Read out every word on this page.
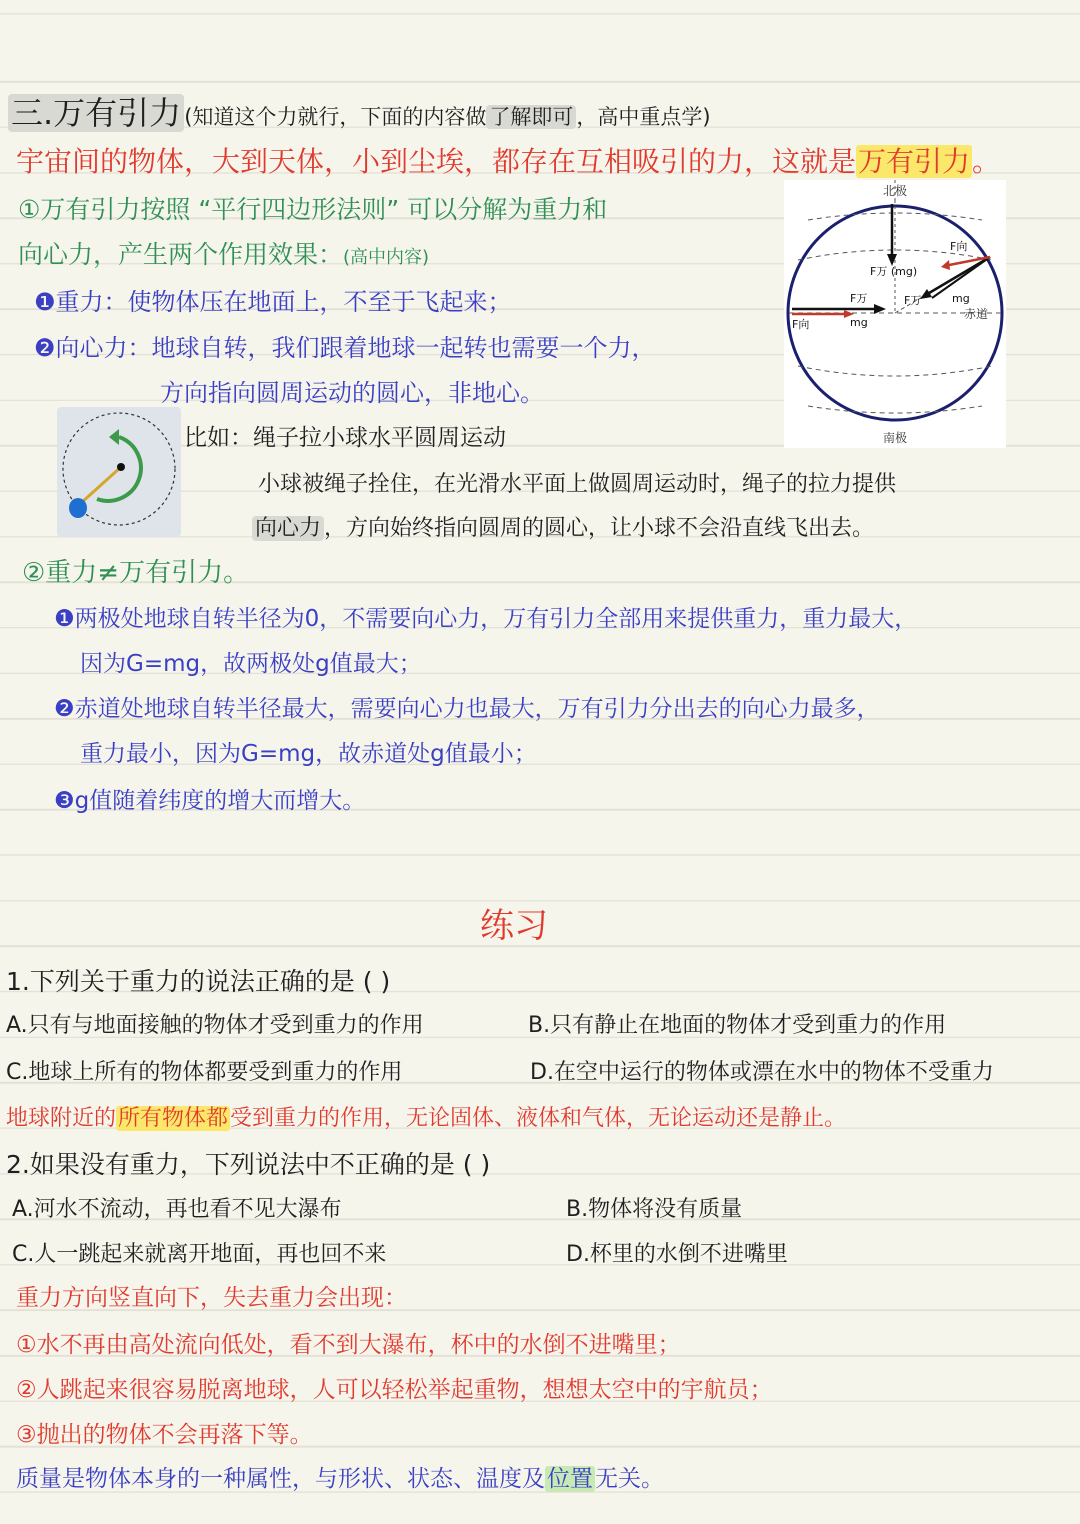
三.万有引力 (知道这个力就行，下面的内容做 了解即可 ，高中重点学)
宇宙间的物体，大到天体，小到尘埃，都存在互相吸引的力，这就是万有引力。
①万有引力按照 “平行四边形法则” 可以分解为重力和
向心力，产生两个作用效果：(高中内容)
❶重力：使物体压在地面上，不至于飞起来；
❷向心力：地球自转，我们跟着地球一起转也需要一个力，
方向指向圆周运动的圆心，非地心。
北极
南极
赤道
F万 (mg)
F向
F万	mg
F万
mg
F向
比如：绳子拉小球水平圆周运动
小球被绳子拴住，在光滑水平面上做圆周运动时，绳子的拉力提供
向心力 ，方向始终指向圆周的圆心，让小球不会沿直线飞出去。
②重力≠万有引力。
❶两极处地球自转半径为0，不需要向心力，万有引力全部用来提供重力，重力最大，
因为G=mg，故两极处g值最大；
❷赤道处地球自转半径最大，需要向心力也最大，万有引力分出去的向心力最多，
重力最小，因为G=mg，故赤道处g值最小；
❸g值随着纬度的增大而增大。
练习
1.下列关于重力的说法正确的是 ( )
A.只有与地面接触的物体才受到重力的作用	B.只有静止在地面的物体才受到重力的作用
C.地球上所有的物体都要受到重力的作用	D.在空中运行的物体或漂在水中的物体不受重力
地球附近的所有物体都受到重力的作用，无论固体、液体和气体，无论运动还是静止。
2.如果没有重力，下列说法中不正确的是 ( )
A.河水不流动，再也看不见大瀑布	B.物体将没有质量
C.人一跳起来就离开地面，再也回不来	D.杯里的水倒不进嘴里
重力方向竖直向下，失去重力会出现：
①水不再由高处流向低处，看不到大瀑布，杯中的水倒不进嘴里；
②人跳起来很容易脱离地球，人可以轻松举起重物，想想太空中的宇航员；
③抛出的物体不会再落下等。
质量是物体本身的一种属性，与形状、状态、温度及位置无关。
